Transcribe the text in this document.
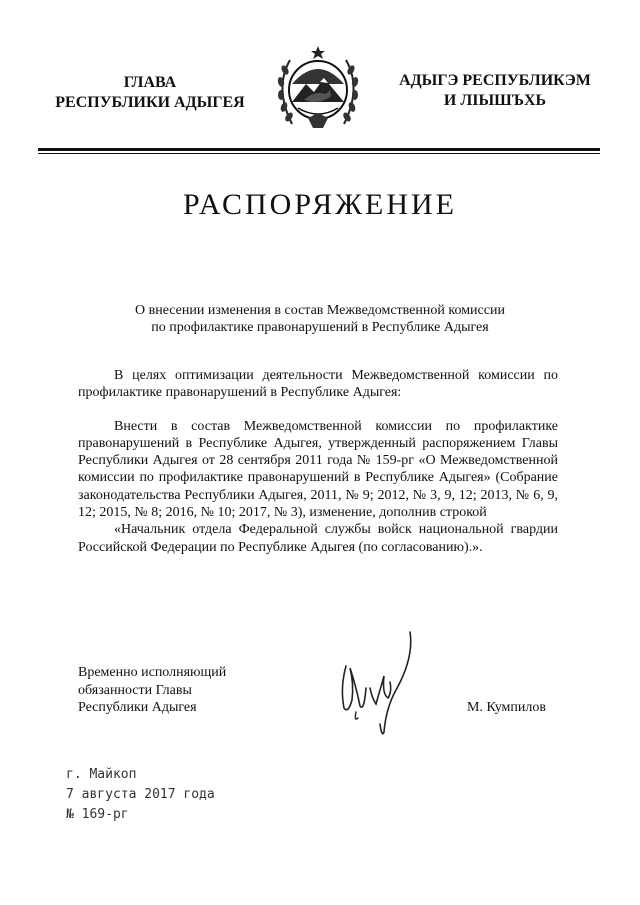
ГЛАВА
РЕСПУБЛИКИ АДЫГЕЯ
АДЫГЭ РЕСПУБЛИКЭМ
И ЛІЫШЪХЬ
РАСПОРЯЖЕНИЕ
О внесении изменения в состав Межведомственной комиссии
по профилактике правонарушений в Республике Адыгея

В целях оптимизации деятельности Межведомственной комиссии по профилактике правонарушений в Республике Адыгея:

Внести в состав Межведомственной комиссии по профилактике правонарушений в Республике Адыгея, утвержденный распоряжением Главы Республики Адыгея от 28 сентября 2011 года № 159-рг «О Межведомственной комиссии по профилактике правонарушений в Республике Адыгея» (Собрание законодательства Республики Адыгея, 2011, № 9; 2012, № 3, 9, 12; 2013, № 6, 9, 12; 2015, № 8; 2016, № 10; 2017, № 3), изменение, дополнив строкой

«Начальник отдела Федеральной службы войск национальной гвардии Российской Федерации по Республике Адыгея (по согласованию).».

Временно исполняющий
обязанности Главы
Республики Адыгея	М. Кумпилов
г. Майкоп
7 августа 2017 года
№ 169-рг
